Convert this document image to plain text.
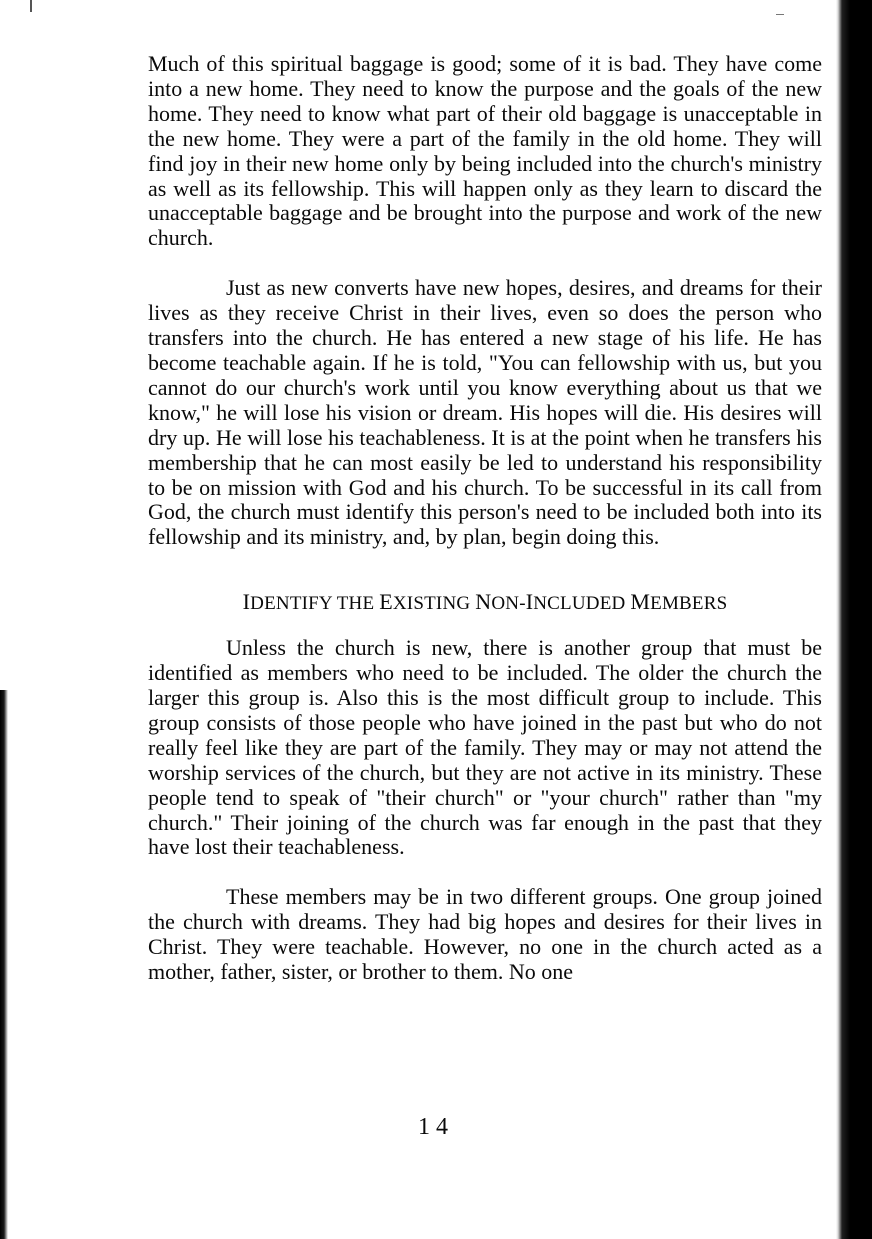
Much of this spiritual baggage is good; some of it is bad. They have come into a new home. They need to know the purpose and the goals of the new home. They need to know what part of their old baggage is unacceptable in the new home. They were a part of the family in the old home. They will find joy in their new home only by being included into the church's ministry as well as its fellowship. This will happen only as they learn to discard the unacceptable baggage and be brought into the purpose and work of the new church.

Just as new converts have new hopes, desires, and dreams for their lives as they receive Christ in their lives, even so does the person who transfers into the church. He has entered a new stage of his life. He has become teachable again. If he is told, "You can fellowship with us, but you cannot do our church's work until you know everything about us that we know," he will lose his vision or dream. His hopes will die. His desires will dry up. He will lose his teachableness. It is at the point when he transfers his membership that he can most easily be led to understand his responsibility to be on mission with God and his church. To be successful in its call from God, the church must identify this person's need to be included both into its fellowship and its ministry, and, by plan, begin doing this.

IDENTIFY THE EXISTING NON-INCLUDED MEMBERS

Unless the church is new, there is another group that must be identified as members who need to be included. The older the church the larger this group is. Also this is the most difficult group to include. This group consists of those people who have joined in the past but who do not really feel like they are part of the family. They may or may not attend the worship services of the church, but they are not active in its ministry. These people tend to speak of "their church" or "your church" rather than "my church." Their joining of the church was far enough in the past that they have lost their teachableness.

These members may be in two different groups. One group joined the church with dreams. They had big hopes and desires for their lives in Christ. They were teachable. However, no one in the church acted as a mother, father, sister, or brother to them. No one

14
